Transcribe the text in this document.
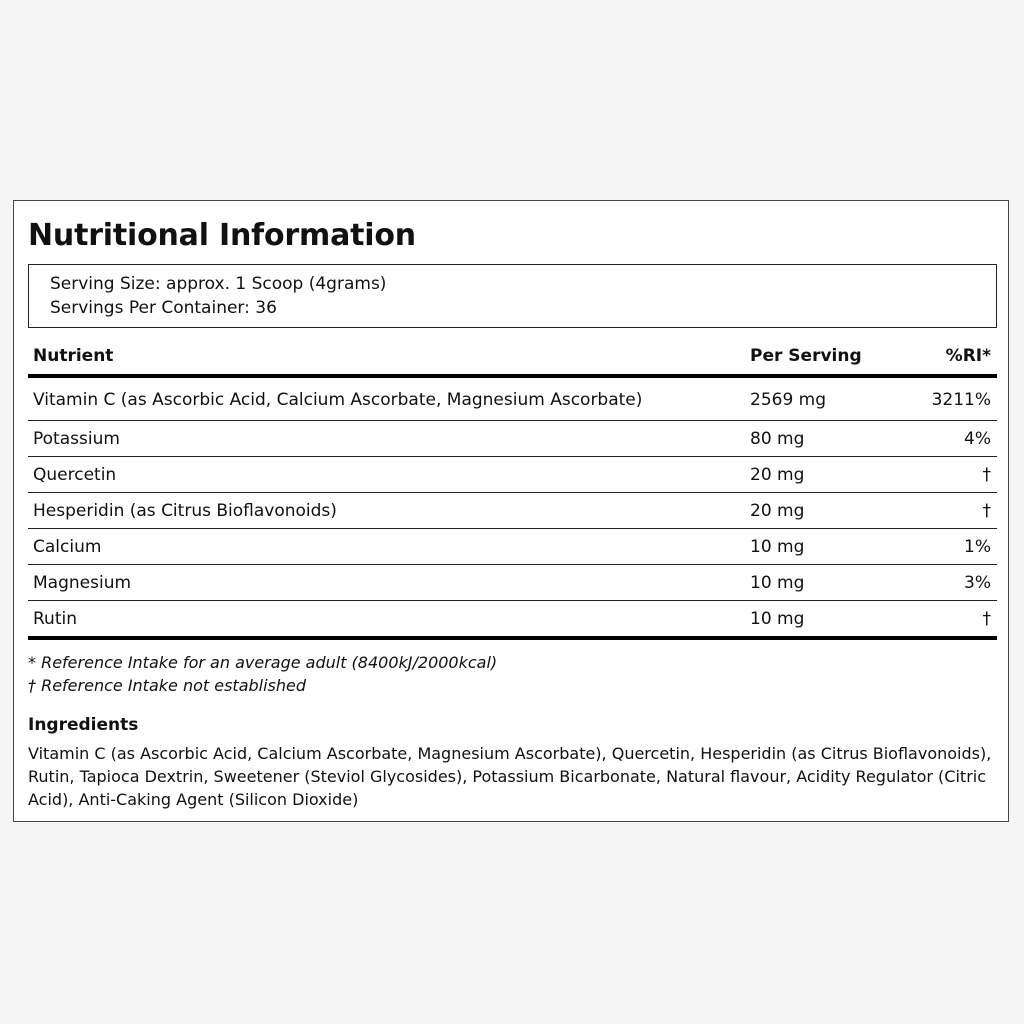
Nutritional Information
Serving Size: approx. 1 Scoop (4grams)
Servings Per Container: 36
Nutrient	Per Serving	%RI*
Vitamin C (as Ascorbic Acid, Calcium Ascorbate, Magnesium Ascorbate)	2569 mg	3211%
Potassium	80 mg	4%
Quercetin	20 mg	†
Hesperidin (as Citrus Bioflavonoids)	20 mg	†
Calcium	10 mg	1%
Magnesium	10 mg	3%
Rutin	10 mg	†
* Reference Intake for an average adult (8400kJ/2000kcal)
† Reference Intake not established
Ingredients

Vitamin C (as Ascorbic Acid, Calcium Ascorbate, Magnesium Ascorbate), Quercetin, Hesperidin (as Citrus Bioflavonoids), Rutin, Tapioca Dextrin, Sweetener (Steviol Glycosides), Potassium Bicarbonate, Natural flavour, Acidity Regulator (Citric Acid), Anti-Caking Agent (Silicon Dioxide)
